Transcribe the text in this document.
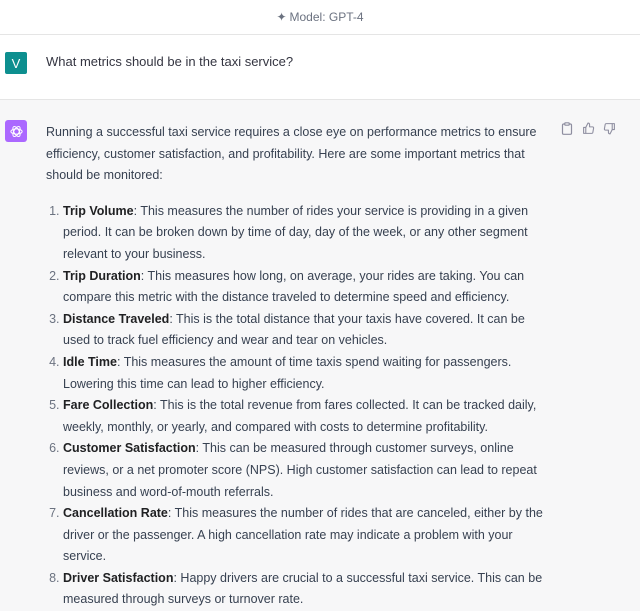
✦ Model: GPT-4
V	What metrics should be in the taxi service?

Running a successful taxi service requires a close eye on performance metrics to ensure efficiency, customer satisfaction, and profitability. Here are some important metrics that should be monitored:

1. Trip Volume: This measures the number of rides your service is providing in a given period. It can be broken down by time of day, day of the week, or any other segment relevant to your business.
2. Trip Duration: This measures how long, on average, your rides are taking. You can compare this metric with the distance traveled to determine speed and efficiency.
3. Distance Traveled: This is the total distance that your taxis have covered. It can be used to track fuel efficiency and wear and tear on vehicles.
4. Idle Time: This measures the amount of time taxis spend waiting for passengers. Lowering this time can lead to higher efficiency.
5. Fare Collection: This is the total revenue from fares collected. It can be tracked daily, weekly, monthly, or yearly, and compared with costs to determine profitability.
6. Customer Satisfaction: This can be measured through customer surveys, online reviews, or a net promoter score (NPS). High customer satisfaction can lead to repeat business and word-of-mouth referrals.
7. Cancellation Rate: This measures the number of rides that are canceled, either by the driver or the passenger. A high cancellation rate may indicate a problem with your service.
8. Driver Satisfaction: Happy drivers are crucial to a successful taxi service. This can be measured through surveys or turnover rate.
